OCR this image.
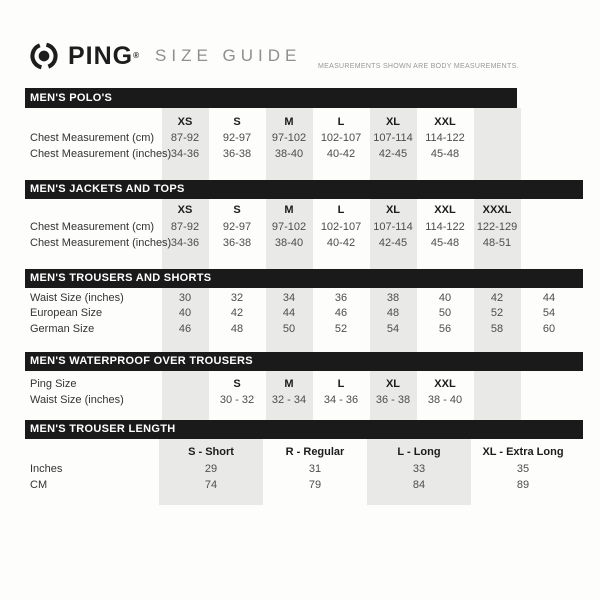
PING ® SIZE GUIDE
MEASUREMENTS SHOWN ARE BODY MEASUREMENTS.
MEN'S POLO'S
XS	S	M	L	XL	XXL
Chest Measurement (cm)	87-92	92-97	97-102	102-107	107-114	114-122
Chest Measurement (inches) 34-36	36-38	38-40	40-42	42-45	45-48
MEN'S JACKETS AND TOPS
XS	S	M	L	XL	XXL	XXXL
Chest Measurement (cm)	87-92	92-97	97-102	102-107	107-114	114-122	122-129
Chest Measurement (inches) 34-36	36-38	38-40	40-42	42-45	45-48	48-51
MEN'S TROUSERS AND SHORTS
Waist Size (inches)	30	32	34	36	38	40	42	44
European Size	40	42	44	46	48	50	52	54
German Size	46	48	50	52	54	56	58	60
MEN'S WATERPROOF OVER TROUSERS
Ping Size	S	M	L	XL	XXL
Waist Size (inches)	30 - 32	32 - 34	34 - 36	36 - 38	38 - 40
MEN'S TROUSER LENGTH
S - Short	R - Regular	L - Long	XL - Extra Long
Inches	29	31	33	35
CM	74	79	84	89
